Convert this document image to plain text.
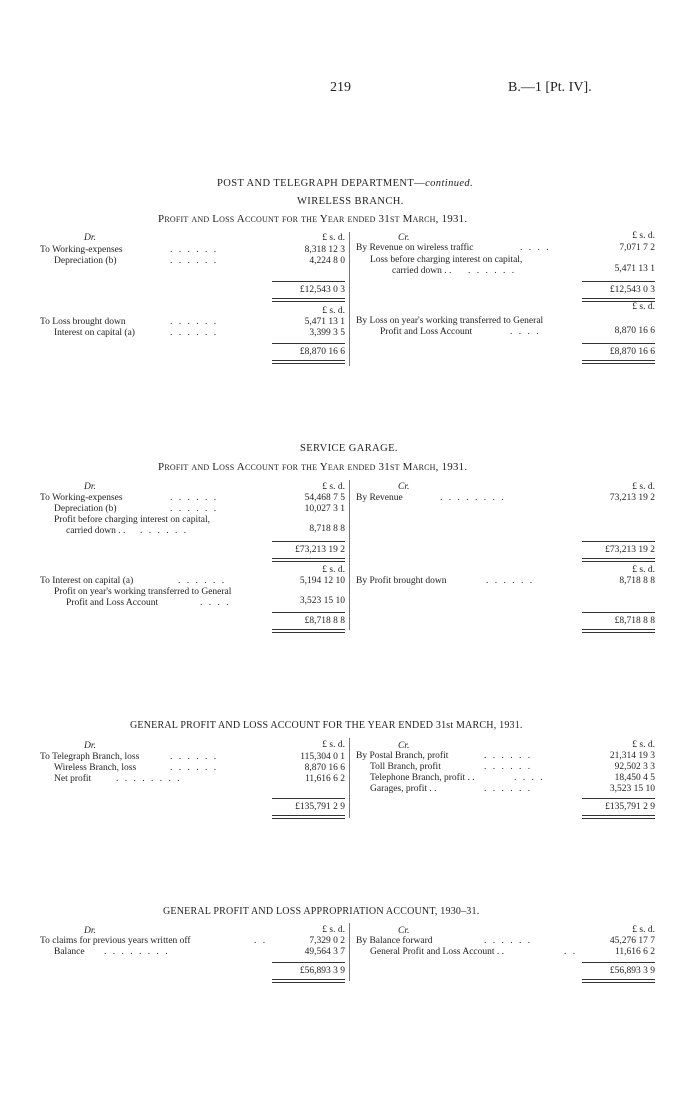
219	B.—1 [Pt. IV].
POST AND TELEGRAPH DEPARTMENT—continued.
WIRELESS BRANCH.
Profit and Loss Account for the Year ended 31st March, 1931.
Dr.	£ s. d.	Cr.	£ s. d.
To Working-expenses	. . . . . .	8,318 12 3
Depreciation (b)	. . . . . .	4,224 8 0
By Revenue on wireless traffic	. . . .	7,071 7 2
Loss before charging interest on capital,
carried down . . . . . . . .	5,471 13 1
£12,543 0 3	£12,543 0 3
£ s. d.	£ s. d.
To Loss brought down	. . . . . .	5,471 13 1
Interest on capital (a)	. . . . . .	3,399 3 5
By Loss on year's working transferred to General
Profit and Loss Account	. . . .	8,870 16 6
£8,870 16 6	£8,870 16 6
SERVICE GARAGE.
Profit and Loss Account for the Year ended 31st March, 1931.
Dr.	£ s. d.	Cr.	£ s. d.
To Working-expenses	. . . . . .	54,468 7 5
Depreciation (b)	. . . . . .	10,027 3 1
Profit before charging interest on capital,
carried down . . . . . . . .	8,718 8 8
By Revenue	. . . . . . . .	73,213 19 2
£73,213 19 2	£73,213 19 2
£ s. d.	£ s. d.
To Interest on capital (a)	. . . . . .	5,194 12 10
Profit on year's working transferred to General
Profit and Loss Account	. . . .	3,523 15 10
By Profit brought down	. . . . . .	8,718 8 8
£8,718 8 8	£8,718 8 8
GENERAL PROFIT AND LOSS ACCOUNT FOR THE YEAR ENDED 31st MARCH, 1931.
Dr.	£ s. d.	Cr.	£ s. d.
To Telegraph Branch, loss	. . . . . .	115,304 0 1
Wireless Branch, loss	. . . . . .	8,870 16 6
Net profit	. . . . . . . .	11,616 6 2
By Postal Branch, profit	. . . . . .	21,314 19 3
Toll Branch, profit	. . . . . .	92,502 3 3
Telephone Branch, profit . .	. . . .	18,450 4 5
Garages, profit . .	. . . . . .	3,523 15 10
£135,791 2 9	£135,791 2 9
GENERAL PROFIT AND LOSS APPROPRIATION ACCOUNT, 1930–31.
Dr.	£ s. d.	Cr.	£ s. d.
To claims for previous years written off	. .	7,329 0 2
Balance . . . . . . . .	49,564 3 7
By Balance forward	. . . . . .	45,276 17 7
General Profit and Loss Account . .	. .	11,616 6 2
£56,893 3 9	£56,893 3 9
